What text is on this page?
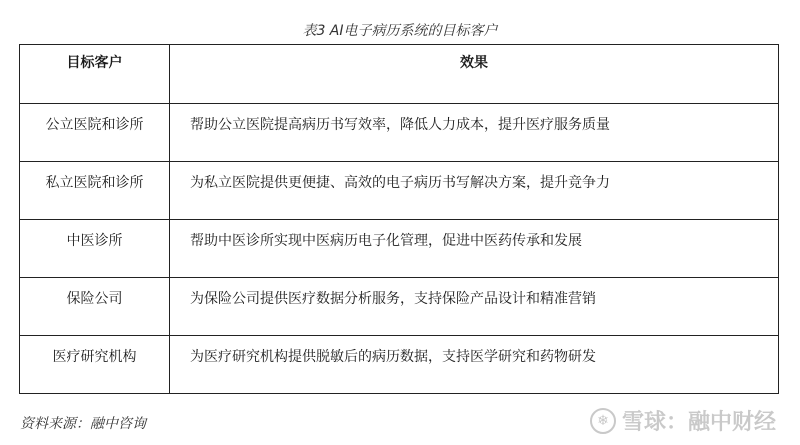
表3 AI电子病历系统的目标客户
目标客户	效果
公立医院和诊所	帮助公立医院提高病历书写效率，降低人力成本，提升医疗服务质量
私立医院和诊所	为私立医院提供更便捷、高效的电子病历书写解决方案，提升竞争力
中医诊所	帮助中医诊所实现中医病历电子化管理，促进中医药传承和发展
保险公司	为保险公司提供医疗数据分析服务，支持保险产品设计和精准营销
医疗研究机构	为医疗研究机构提供脱敏后的病历数据，支持医学研究和药物研发
资料来源：融中咨询	❄ 雪球：融中财经
